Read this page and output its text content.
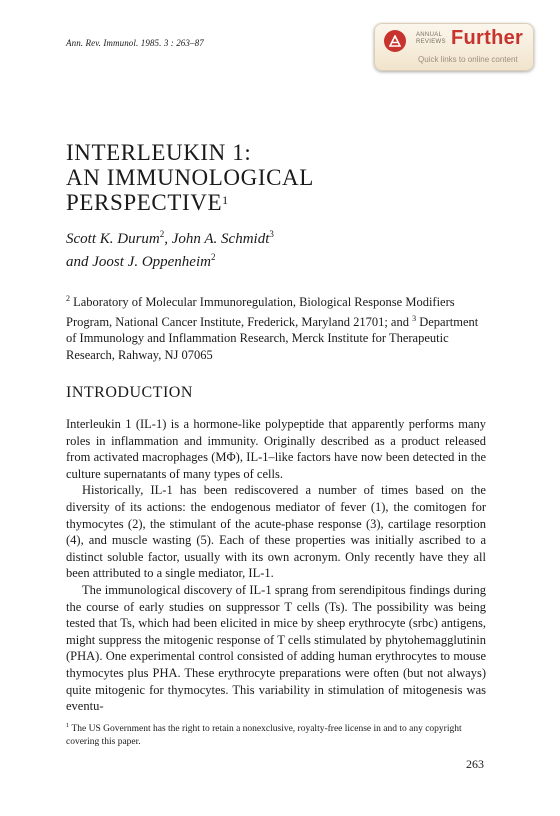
Ann. Rev. Immunol. 1985. 3 : 263–87
ANNUAL
REVIEWS Further
Quick links to online content
INTERLEUKIN 1:
AN IMMUNOLOGICAL
PERSPECTIVE$^1$
Scott K. Durum$^2$, John A. Schmidt$^3$
and Joost J. Oppenheim$^2$
$^2$ Laboratory of Molecular Immunoregulation, Biological Response Modifiers Program, National Cancer Institute, Frederick, Maryland 21701; and $^3$ Department of Immunology and Inflammation Research, Merck Institute for Therapeutic Research, Rahway, NJ 07065
INTRODUCTION

Interleukin 1 (IL-1) is a hormone-like polypeptide that apparently performs many roles in inflammation and immunity. Originally described as a product released from activated macrophages (MΦ), IL-1–like factors have now been detected in the culture supernatants of many types of cells.

Historically, IL-1 has been rediscovered a number of times based on the diversity of its actions: the endogenous mediator of fever (1), the comitogen for thymocytes (2), the stimulant of the acute-phase response (3), cartilage resorption (4), and muscle wasting (5). Each of these properties was initially ascribed to a distinct soluble factor, usually with its own acronym. Only recently have they all been attributed to a single mediator, IL-1.

The immunological discovery of IL-1 sprang from serendipitous findings during the course of early studies on suppressor T cells (Ts). The possibility was being tested that Ts, which had been elicited in mice by sheep erythrocyte (srbc) antigens, might suppress the mitogenic response of T cells stimulated by phytohemagglutinin (PHA). One experimental control consisted of adding human erythrocytes to mouse thymocytes plus PHA. These erythrocyte preparations were often (but not always) quite mitogenic for thymocytes. This variability in stimulation of mitogenesis was eventu-

$^1$ The US Government has the right to retain a nonexclusive, royalty-free license in and to any copyright covering this paper.
263
